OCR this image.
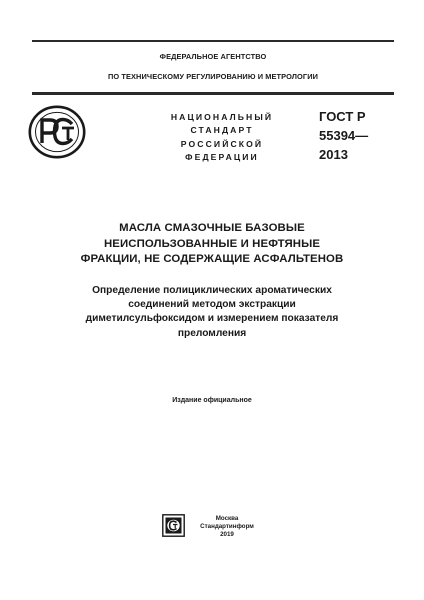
ФЕДЕРАЛЬНОЕ АГЕНТСТВО
ПО ТЕХНИЧЕСКОМУ РЕГУЛИРОВАНИЮ И МЕТРОЛОГИИ
НАЦИОНАЛЬНЫЙ
СТАНДАРТ
РОССИЙСКОЙ
ФЕДЕРАЦИИ
ГОСТ Р
55394—
2013
МАСЛА СМАЗОЧНЫЕ БАЗОВЫЕ
НЕИСПОЛЬЗОВАННЫЕ И НЕФТЯНЫЕ
ФРАКЦИИ, НЕ СОДЕРЖАЩИЕ АСФАЛЬТЕНОВ
Определение полициклических ароматических
соединений методом экстракции
диметилсульфоксидом и измерением показателя
преломления
Издание официальное
Москва
Стандартинформ
2019
